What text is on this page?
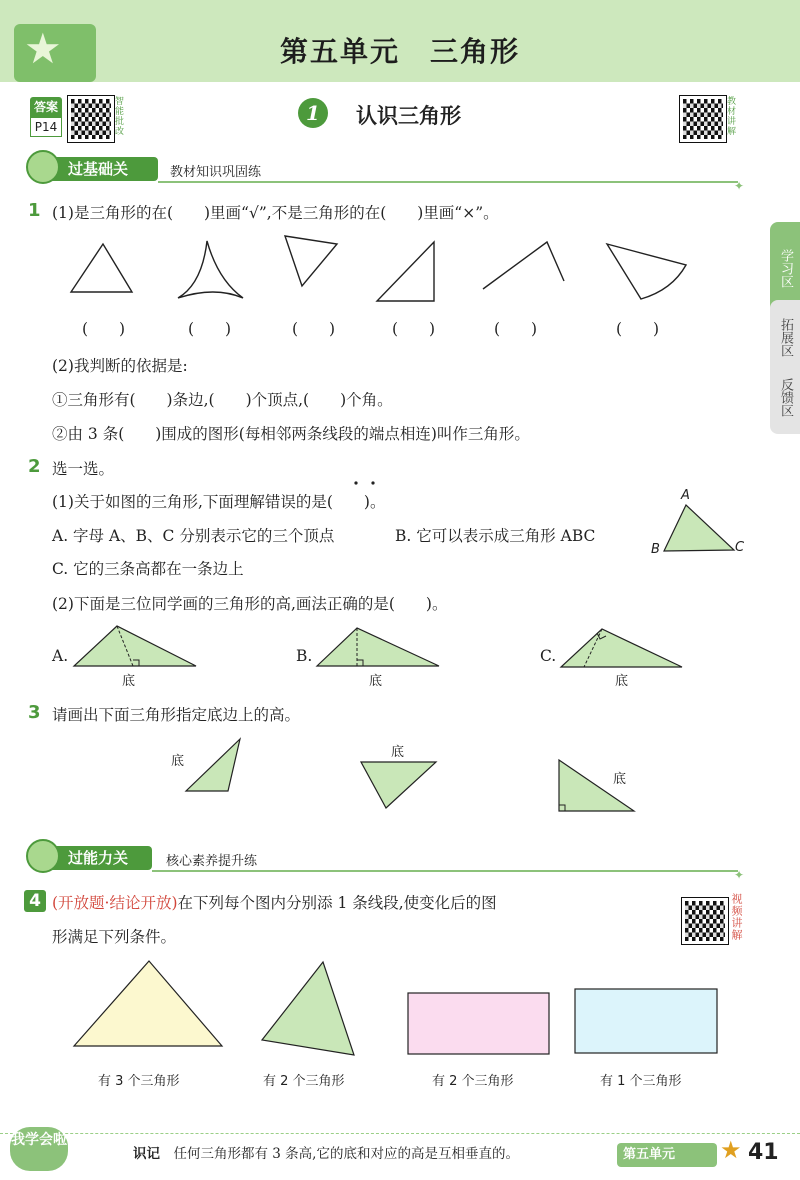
★	第五单元　三角形
答案
P14	智能批改	1	认识三角形	教材讲解
过基础关	教材知识巩固练
学习区
拓展区
反馈区
1 (1)是三角形的在(　　)里画“√”,不是三角形的在(　　)里画“×”。
(　　)	(　　)	(　　)	(　　)	(　　)	(　　)
(2)我判断的依据是:
①三角形有(　　)条边,(　　)个顶点,(　　)个角。
②由 3 条(　　)围成的图形(每相邻两条线段的端点相连)叫作三角形。
2 选一选。
(1)关于如图的三角形,下面理解错误的是(　　)。
A. 字母 A、B、C 分别表示它的三个顶点	B. 它可以表示成三角形 ABC
C. 它的三条高都在一条边上
A
B	C
(2)下面是三位同学画的三角形的高,画法正确的是(　　)。
A.	B.	C.
底	底	底
3 请画出下面三角形指定底边上的高。
底
底
底
过能力关	核心素养提升练
4 (开放题·结论开放)在下列每个图内分别添 1 条线段,使变化后的图
形满足下列条件。	视频讲解
有 3 个三角形	有 2 个三角形	有 2 个三角形	有 1 个三角形
✦
✦
我学会啦
识记　 任何三角形都有 3 条高,它的底和对应的高是互相垂直的。	第五单元	★ 41
